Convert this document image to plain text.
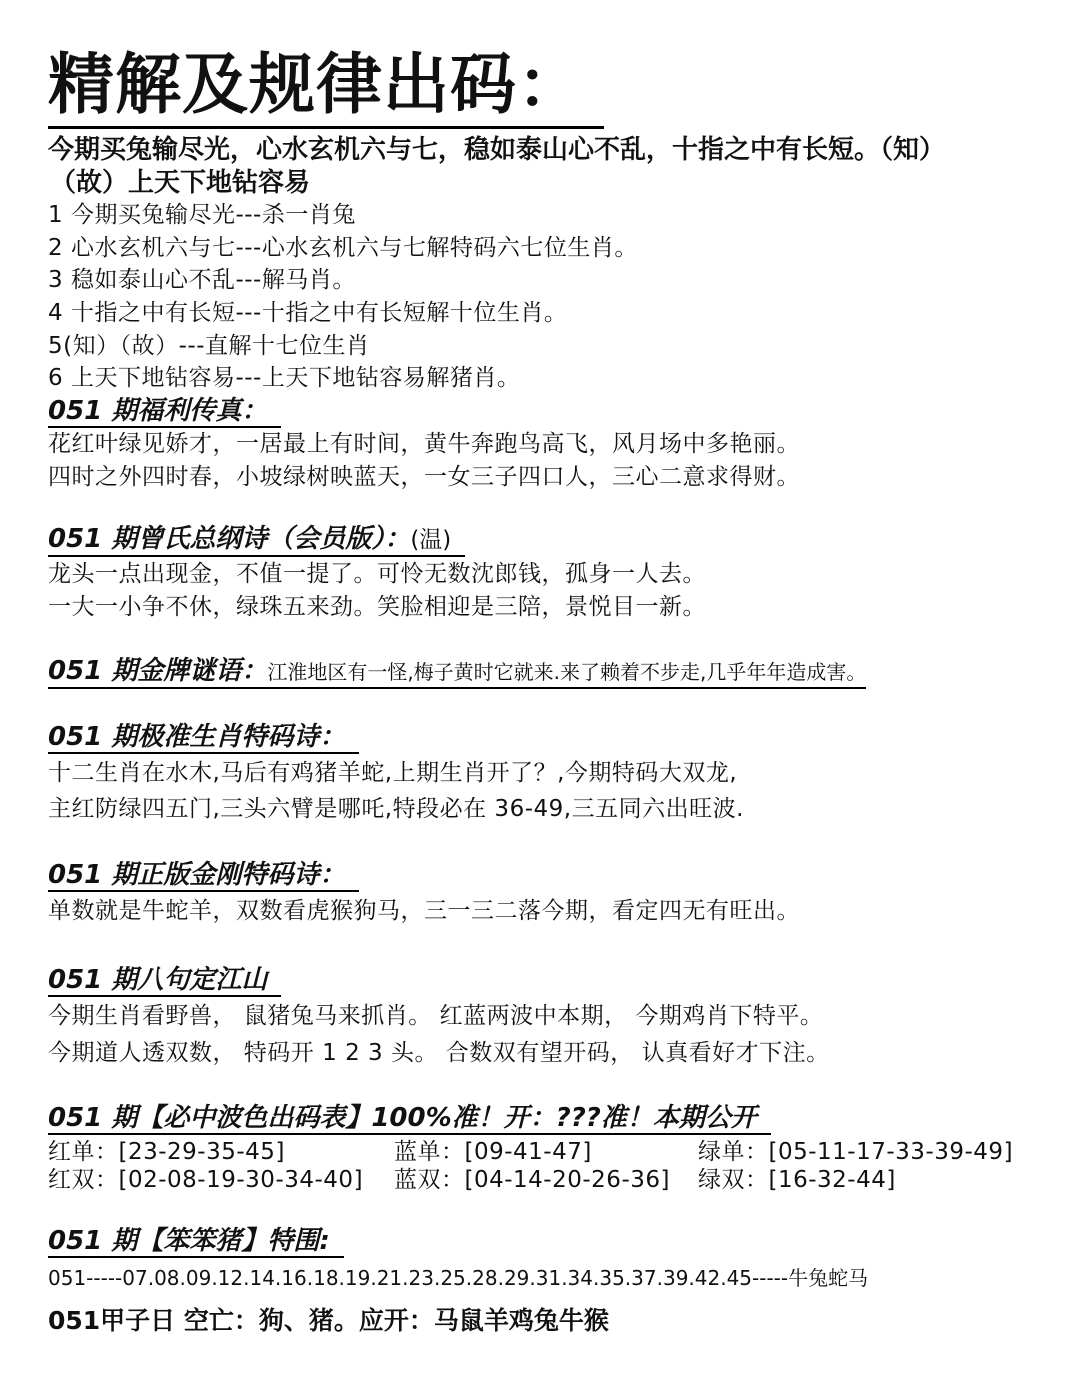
精解及规律出码：
今期买兔输尽光，心水玄机六与七，稳如泰山心不乱，十指之中有长短。（知）
（故）上天下地钻容易
1 今期买兔输尽光---杀一肖兔
2 心水玄机六与七---心水玄机六与七解特码六七位生肖。
3 稳如泰山心不乱---解马肖。
4 十指之中有长短---十指之中有长短解十位生肖。
5(知）（故）---直解十七位生肖
6 上天下地钻容易---上天下地钻容易解猪肖。
051 期福利传真：
花红叶绿见娇才，一居最上有时间，黄牛奔跑鸟高飞，风月场中多艳丽。
四时之外四时春，小坡绿树映蓝天，一女三子四口人，三心二意求得财。
051 期曾氏总纲诗（会员版）：(温)
龙头一点出现金，不值一提了。可怜无数沈郎钱，孤身一人去。
一大一小争不休，绿珠五来劲。笑脸相迎是三陪，景悦目一新。
051 期金牌谜语：江淮地区有一怪,梅子黄时它就来.来了赖着不步走,几乎年年造成害。
051 期极准生肖特码诗：
十二生肖在水木,马后有鸡猪羊蛇,上期生肖开了？,今期特码大双龙,
主红防绿四五门,三头六臂是哪吒,特段必在 36-49,三五同六出旺波.
051 期正版金刚特码诗：
单数就是牛蛇羊，双数看虎猴狗马，三一三二落今期，看定四无有旺出。
051 期八句定江山
今期生肖看野兽， 鼠猪兔马来抓肖。 红蓝两波中本期， 今期鸡肖下特平。
今期道人透双数， 特码开 1 2 3 头。 合数双有望开码， 认真看好才下注。
051 期【必中波色出码表】100%准！开：???准！本期公开
红单：[23-29-35-45]	蓝单：[09-41-47]	绿单：[05-11-17-33-39-49]
红双：[02-08-19-30-34-40] 蓝双：[04-14-20-26-36] 绿双：[16-32-44]
051 期【笨笨猪】特围:
051-----07.08.09.12.14.16.18.19.21.23.25.28.29.31.34.35.37.39.42.45-----牛兔蛇马
051甲子日 空亡：狗、猪。应开：马鼠羊鸡兔牛猴
